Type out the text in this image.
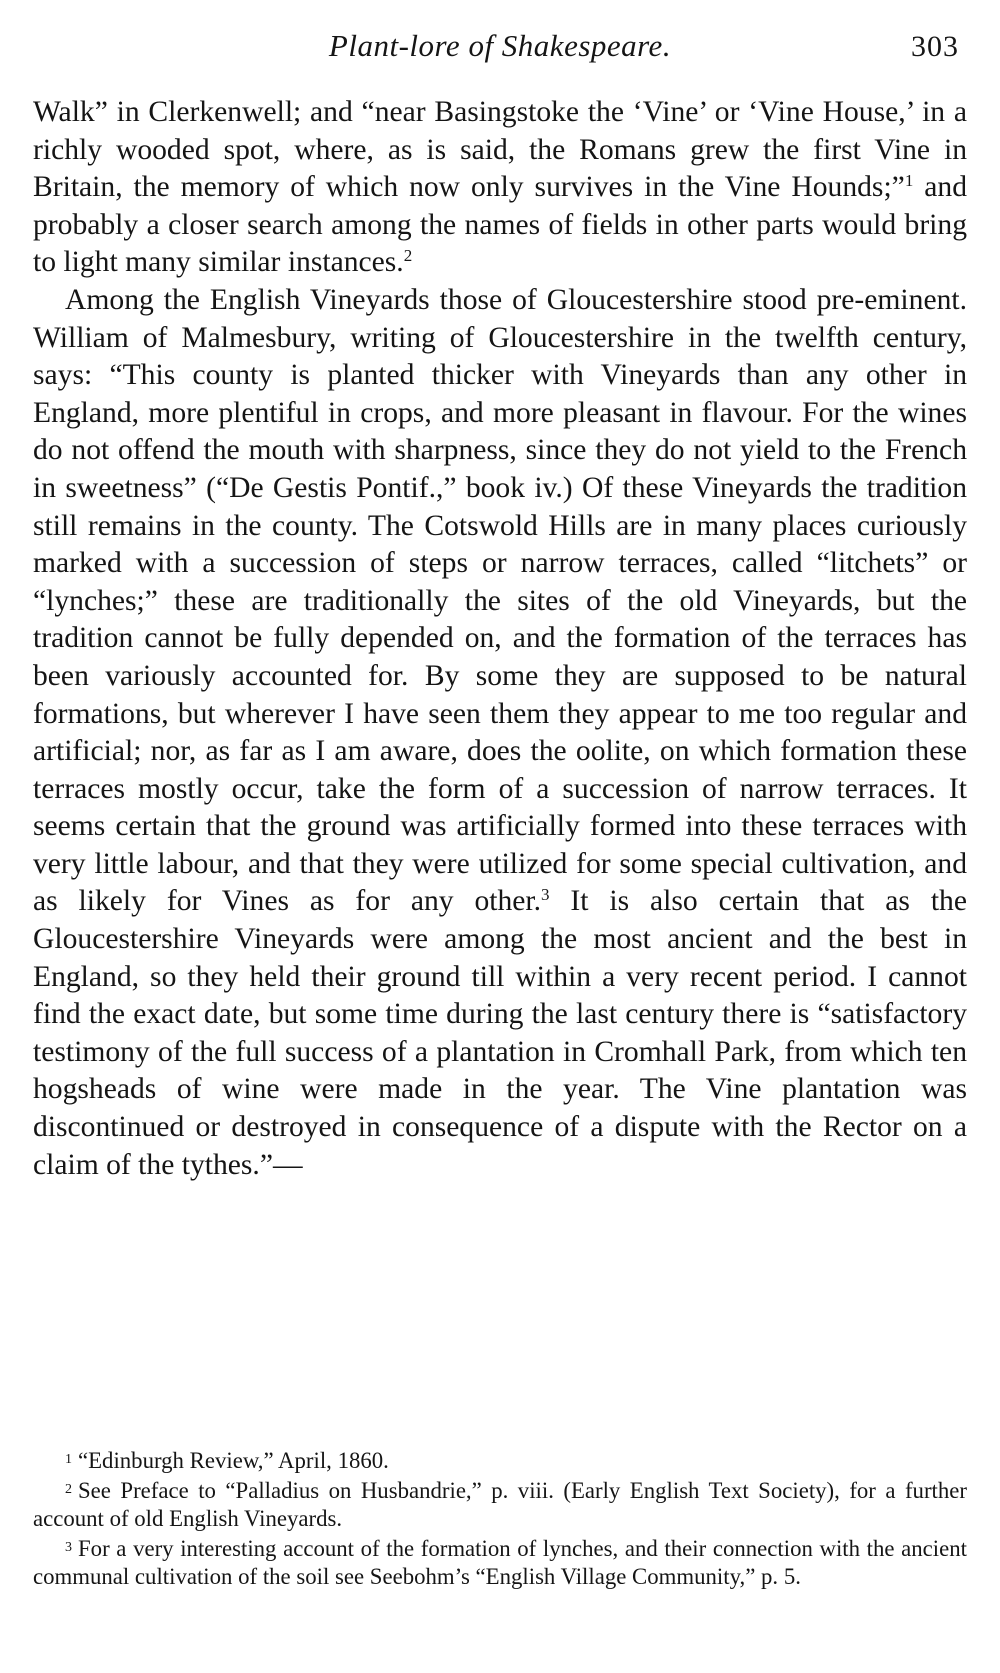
Plant-lore of Shakespeare.	303

Walk” in Clerkenwell; and “near Basingstoke the ‘Vine’ or ‘Vine House,’ in a richly wooded spot, where, as is said, the Romans grew the first Vine in Britain, the memory of which now only survives in the Vine Hounds;”$^1$ and probably a closer search among the names of fields in other parts would bring to light many similar instances.$^2$

Among the English Vineyards those of Gloucestershire stood pre-eminent. William of Malmesbury, writing of Gloucestershire in the twelfth century, says: “This county is planted thicker with Vineyards than any other in England, more plentiful in crops, and more pleasant in flavour. For the wines do not offend the mouth with sharpness, since they do not yield to the French in sweetness” (“De Gestis Pontif.,” book iv.) Of these Vineyards the tradition still remains in the county. The Cotswold Hills are in many places curiously marked with a succession of steps or narrow terraces, called “litchets” or “lynches;” these are traditionally the sites of the old Vineyards, but the tradition cannot be fully depended on, and the formation of the terraces has been variously accounted for. By some they are supposed to be natural formations, but wherever I have seen them they appear to me too regular and artificial; nor, as far as I am aware, does the oolite, on which formation these terraces mostly occur, take the form of a succession of narrow terraces. It seems certain that the ground was artificially formed into these terraces with very little labour, and that they were utilized for some special cultivation, and as likely for Vines as for any other.$^3$ It is also certain that as the Gloucestershire Vineyards were among the most ancient and the best in England, so they held their ground till within a very recent period. I cannot find the exact date, but some time during the last century there is “satisfactory testimony of the full success of a plantation in Cromhall Park, from which ten hogsheads of wine were made in the year. The Vine plantation was discontinued or destroyed in consequence of a dispute with the Rector on a claim of the tythes.”—

$^1$ “Edinburgh Review,” April, 1860.

$^2$ See Preface to “Palladius on Husbandrie,” p. viii. (Early English Text Society), for a further account of old English Vineyards.

$^3$ For a very interesting account of the formation of lynches, and their connection with the ancient communal cultivation of the soil see Seebohm’s “English Village Community,” p. 5.
